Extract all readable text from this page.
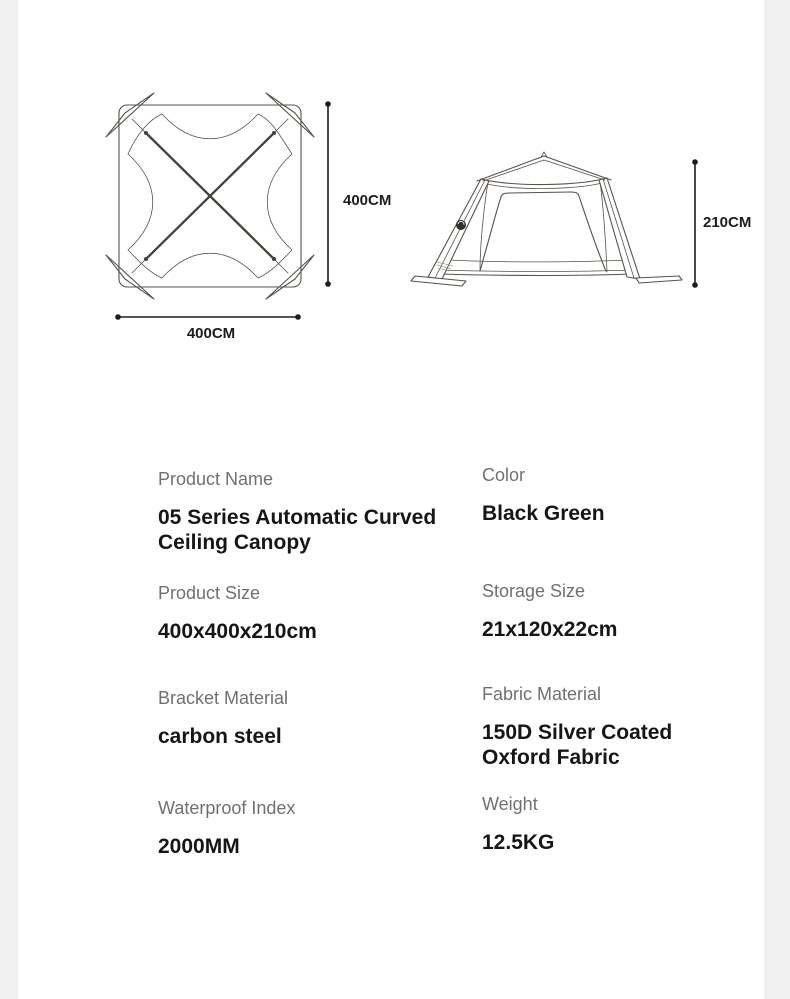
400CM
400CM
210CM
Product Name
05 Series Automatic Curved Ceiling Canopy
Color
Black Green
Product Size
400x400x210cm
Storage Size
21x120x22cm
Bracket Material
carbon steel
Fabric Material
150D Silver Coated Oxford Fabric
Waterproof Index
2000MM
Weight
12.5KG
